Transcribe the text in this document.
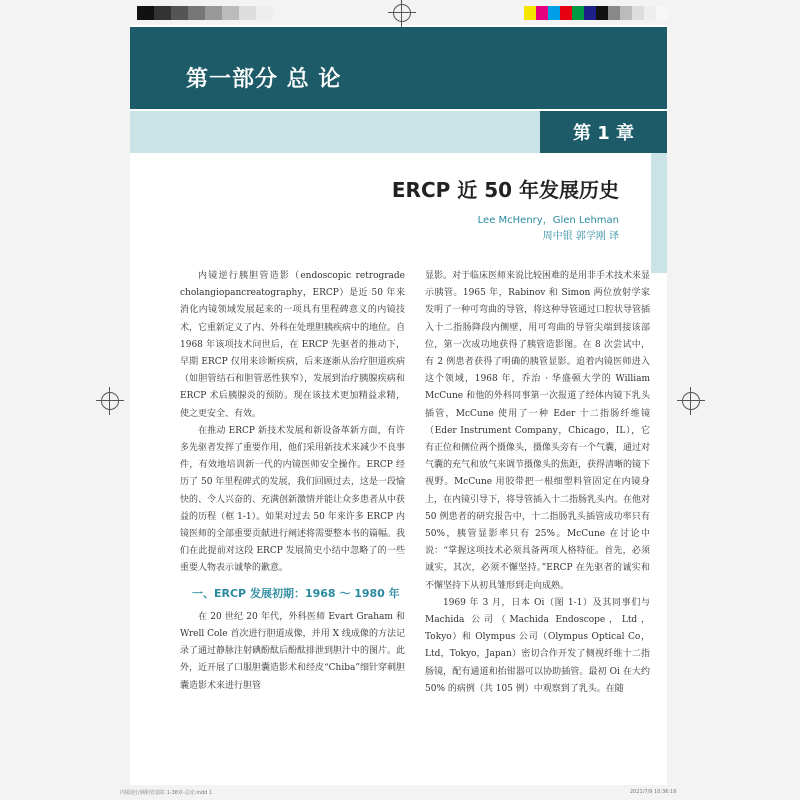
第一部分 总 论
第 1 章
ERCP 近 50 年发展历史
Lee McHenry，Glen Lehman
周中银 郭学刚 译

内镜逆行胰胆管造影（endoscopic retrograde cholangiopancreatography，ERCP）是近 50 年来消化内镜领域发展起来的一项具有里程碑意义的内镜技术，它重新定义了内、外科在处理胆胰疾病中的地位。自 1968 年该项技术问世后，在 ERCP 先驱者的推动下，早期 ERCP 仅用来诊断疾病，后来逐渐从治疗胆道疾病（如胆管结石和胆管恶性狭窄），发展到治疗胰腺疾病和 ERCP 术后胰腺炎的预防。现在该技术更加精益求精，使之更安全、有效。

在推动 ERCP 新技术发展和新设备革新方面，有许多先驱者发挥了重要作用，他们采用新技术来减少不良事件，有效地培训新一代的内镜医师安全操作。ERCP 经历了 50 年里程碑式的发展，我们回顾过去，这是一段愉快的、令人兴奋的、充满创新激情并能让众多患者从中获益的历程（框 1-1）。如果对过去 50 年来许多 ERCP 内镜医师的全部重要贡献进行阐述将需要整本书的篇幅。我们在此提前对这段 ERCP 发展简史小结中忽略了的一些重要人物表示诚挚的歉意。

一、ERCP 发展初期：1968 ～ 1980 年

在 20 世纪 20 年代，外科医师 Evart Graham 和 Wrell Cole 首次进行胆道成像，并用 X 线成像的方法记录了通过静脉注射碘酚酞后酚酞排泄到胆汁中的图片。此外，近开展了口服胆囊造影术和经皮“Chiba”细针穿刺胆囊造影术来进行胆管

显影。对于临床医师来说比较困难的是用非手术技术来显示胰管。1965 年，Rabinov 和 Simon 两位放射学家发明了一种可弯曲的导管，将这种导管通过口腔状导管插入十二指肠降段内侧壁，用可弯曲的导管尖端到接该部位，第一次成功地获得了胰管造影图。在 8 次尝试中，有 2 例患者获得了明确的胰管显影。追着内镜医师进入这个领域，1968 年，乔治 · 华盛顿大学的 William McCune 和他的外科同事第一次报道了经体内镜下乳头插管，McCune 使用了一种 Eder 十二指肠纤维镜（Eder Instrument Company，Chicago，IL），它有正位和侧位两个摄像头，摄像头旁有一个气囊，通过对气囊的充气和放气来调节摄像头的焦距，获得清晰的镜下视野。McCune 用胶带把一根细塑料管固定在内镜身上，在内镜引导下，将导管插入十二指肠乳头内。在他对 50 例患者的研究报告中，十二指肠乳头插管成功率只有 50%，胰管显影率只有 25%。McCune 在讨论中说：“掌握这项技术必须具备两项人格特征。首先，必须诚实，其次，必须不懈坚持。”ERCP 在先驱者的诚实和不懈坚持下从初具雏形到走向成熟。

1969 年 3 月，日本 Oi（图 1-1）及其同事们与 Machida 公司（Machida Endoscope，Ltd，Tokyo）和 Olympus 公司（Olympus Optical Co，Ltd，Tokyo，Japan）密切合作开发了侧视纤维十二指肠镜，配有通道和抬钳器可以协助插管。最初 Oi 在大约 50% 的病例（共 105 例）中观察到了乳头。在随

内镜逆行胰胆管造影 1-38章-总论.indd 1	2021/7/9 10:36:16
